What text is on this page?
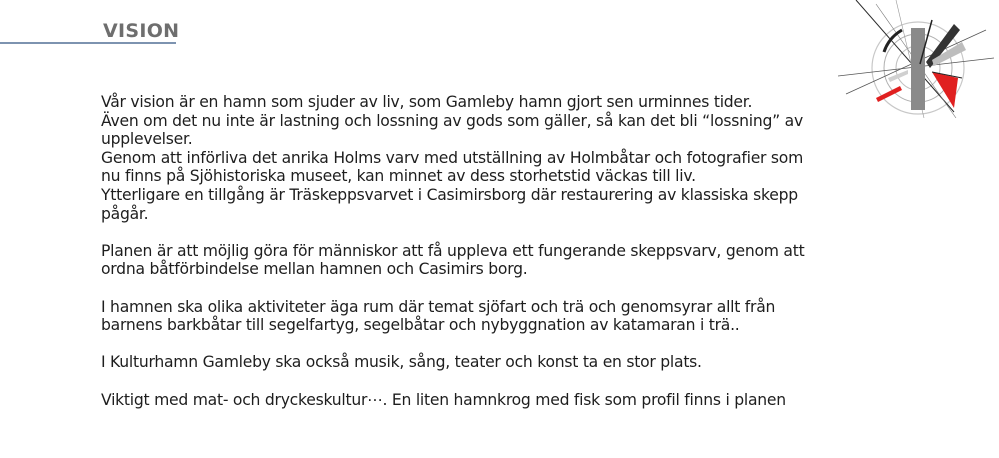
VISION

Vår vision är en hamn som sjuder av liv, som Gamleby hamn gjort sen urminnes tider.
Även om det nu inte är lastning och lossning av gods som gäller, så kan det bli “lossning” av
upplevelser.
Genom att införliva det anrika Holms varv med utställning av Holmbåtar och fotografier som
nu finns på Sjöhistoriska museet, kan minnet av dess storhetstid väckas till liv.
Ytterligare en tillgång är Träskeppsvarvet i Casimirsborg där restaurering av klassiska skepp
pågår.

Planen är att möjlig göra för människor att få uppleva ett fungerande skeppsvarv, genom att
ordna båtförbindelse mellan hamnen och Casimirs borg.

I hamnen ska olika aktiviteter äga rum där temat sjöfart och trä och genomsyrar allt från
barnens barkbåtar till segelfartyg, segelbåtar och nybyggnation av katamaran i trä..

I Kulturhamn Gamleby ska också musik, sång, teater och konst ta en stor plats.

Viktigt med mat- och dryckeskultur⋯. En liten hamnkrog med fisk som profil finns i planen
